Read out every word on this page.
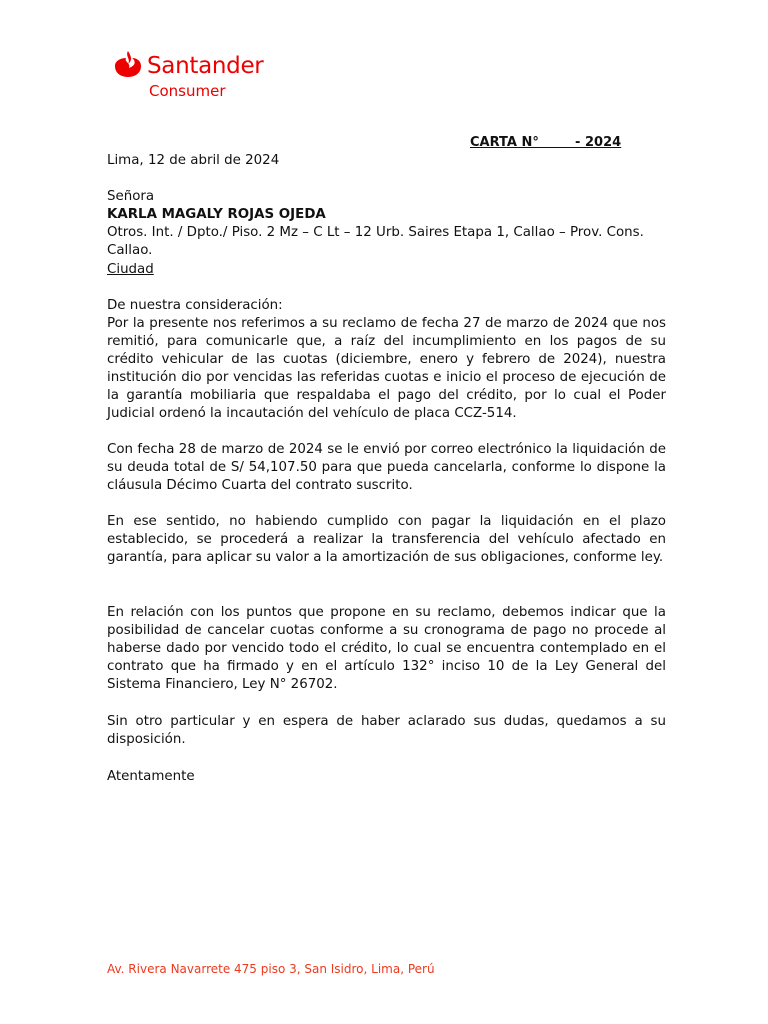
Santander
Consumer
CARTA N°        - 2024
Lima, 12 de abril de 2024
Señora
KARLA MAGALY ROJAS OJEDA
Otros. Int. / Dpto./ Piso. 2 Mz – C Lt – 12 Urb. Saires Etapa 1, Callao – Prov. Cons.
Callao.
Ciudad
De nuestra consideración:
Por la presente nos referimos a su reclamo de fecha 27 de marzo de 2024 que nos remitió, para comunicarle que, a raíz del incumplimiento en los pagos de su crédito vehicular de las cuotas (diciembre, enero y febrero de 2024), nuestra institución dio por vencidas las referidas cuotas e inicio el proceso de ejecución de la garantía mobiliaria que respaldaba el pago del crédito, por lo cual el Poder Judicial ordenó la incautación del vehículo de placa CCZ-514.
Con fecha 28 de marzo de 2024 se le envió por correo electrónico la liquidación de su deuda total de S/ 54,107.50 para que pueda cancelarla, conforme lo dispone la cláusula Décimo Cuarta del contrato suscrito.
En ese sentido, no habiendo cumplido con pagar la liquidación en el plazo establecido, se procederá a realizar la transferencia del vehículo afectado en garantía, para aplicar su valor a la amortización de sus obligaciones, conforme ley.
En relación con los puntos que propone en su reclamo, debemos indicar que la posibilidad de cancelar cuotas conforme a su cronograma de pago no procede al haberse dado por vencido todo el crédito, lo cual se encuentra contemplado en el contrato que ha firmado y en el artículo 132° inciso 10 de la Ley General del Sistema Financiero, Ley N° 26702.
Sin otro particular y en espera de haber aclarado sus dudas, quedamos a su disposición.
Atentamente
Av. Rivera Navarrete 475 piso 3, San Isidro, Lima, Perú
